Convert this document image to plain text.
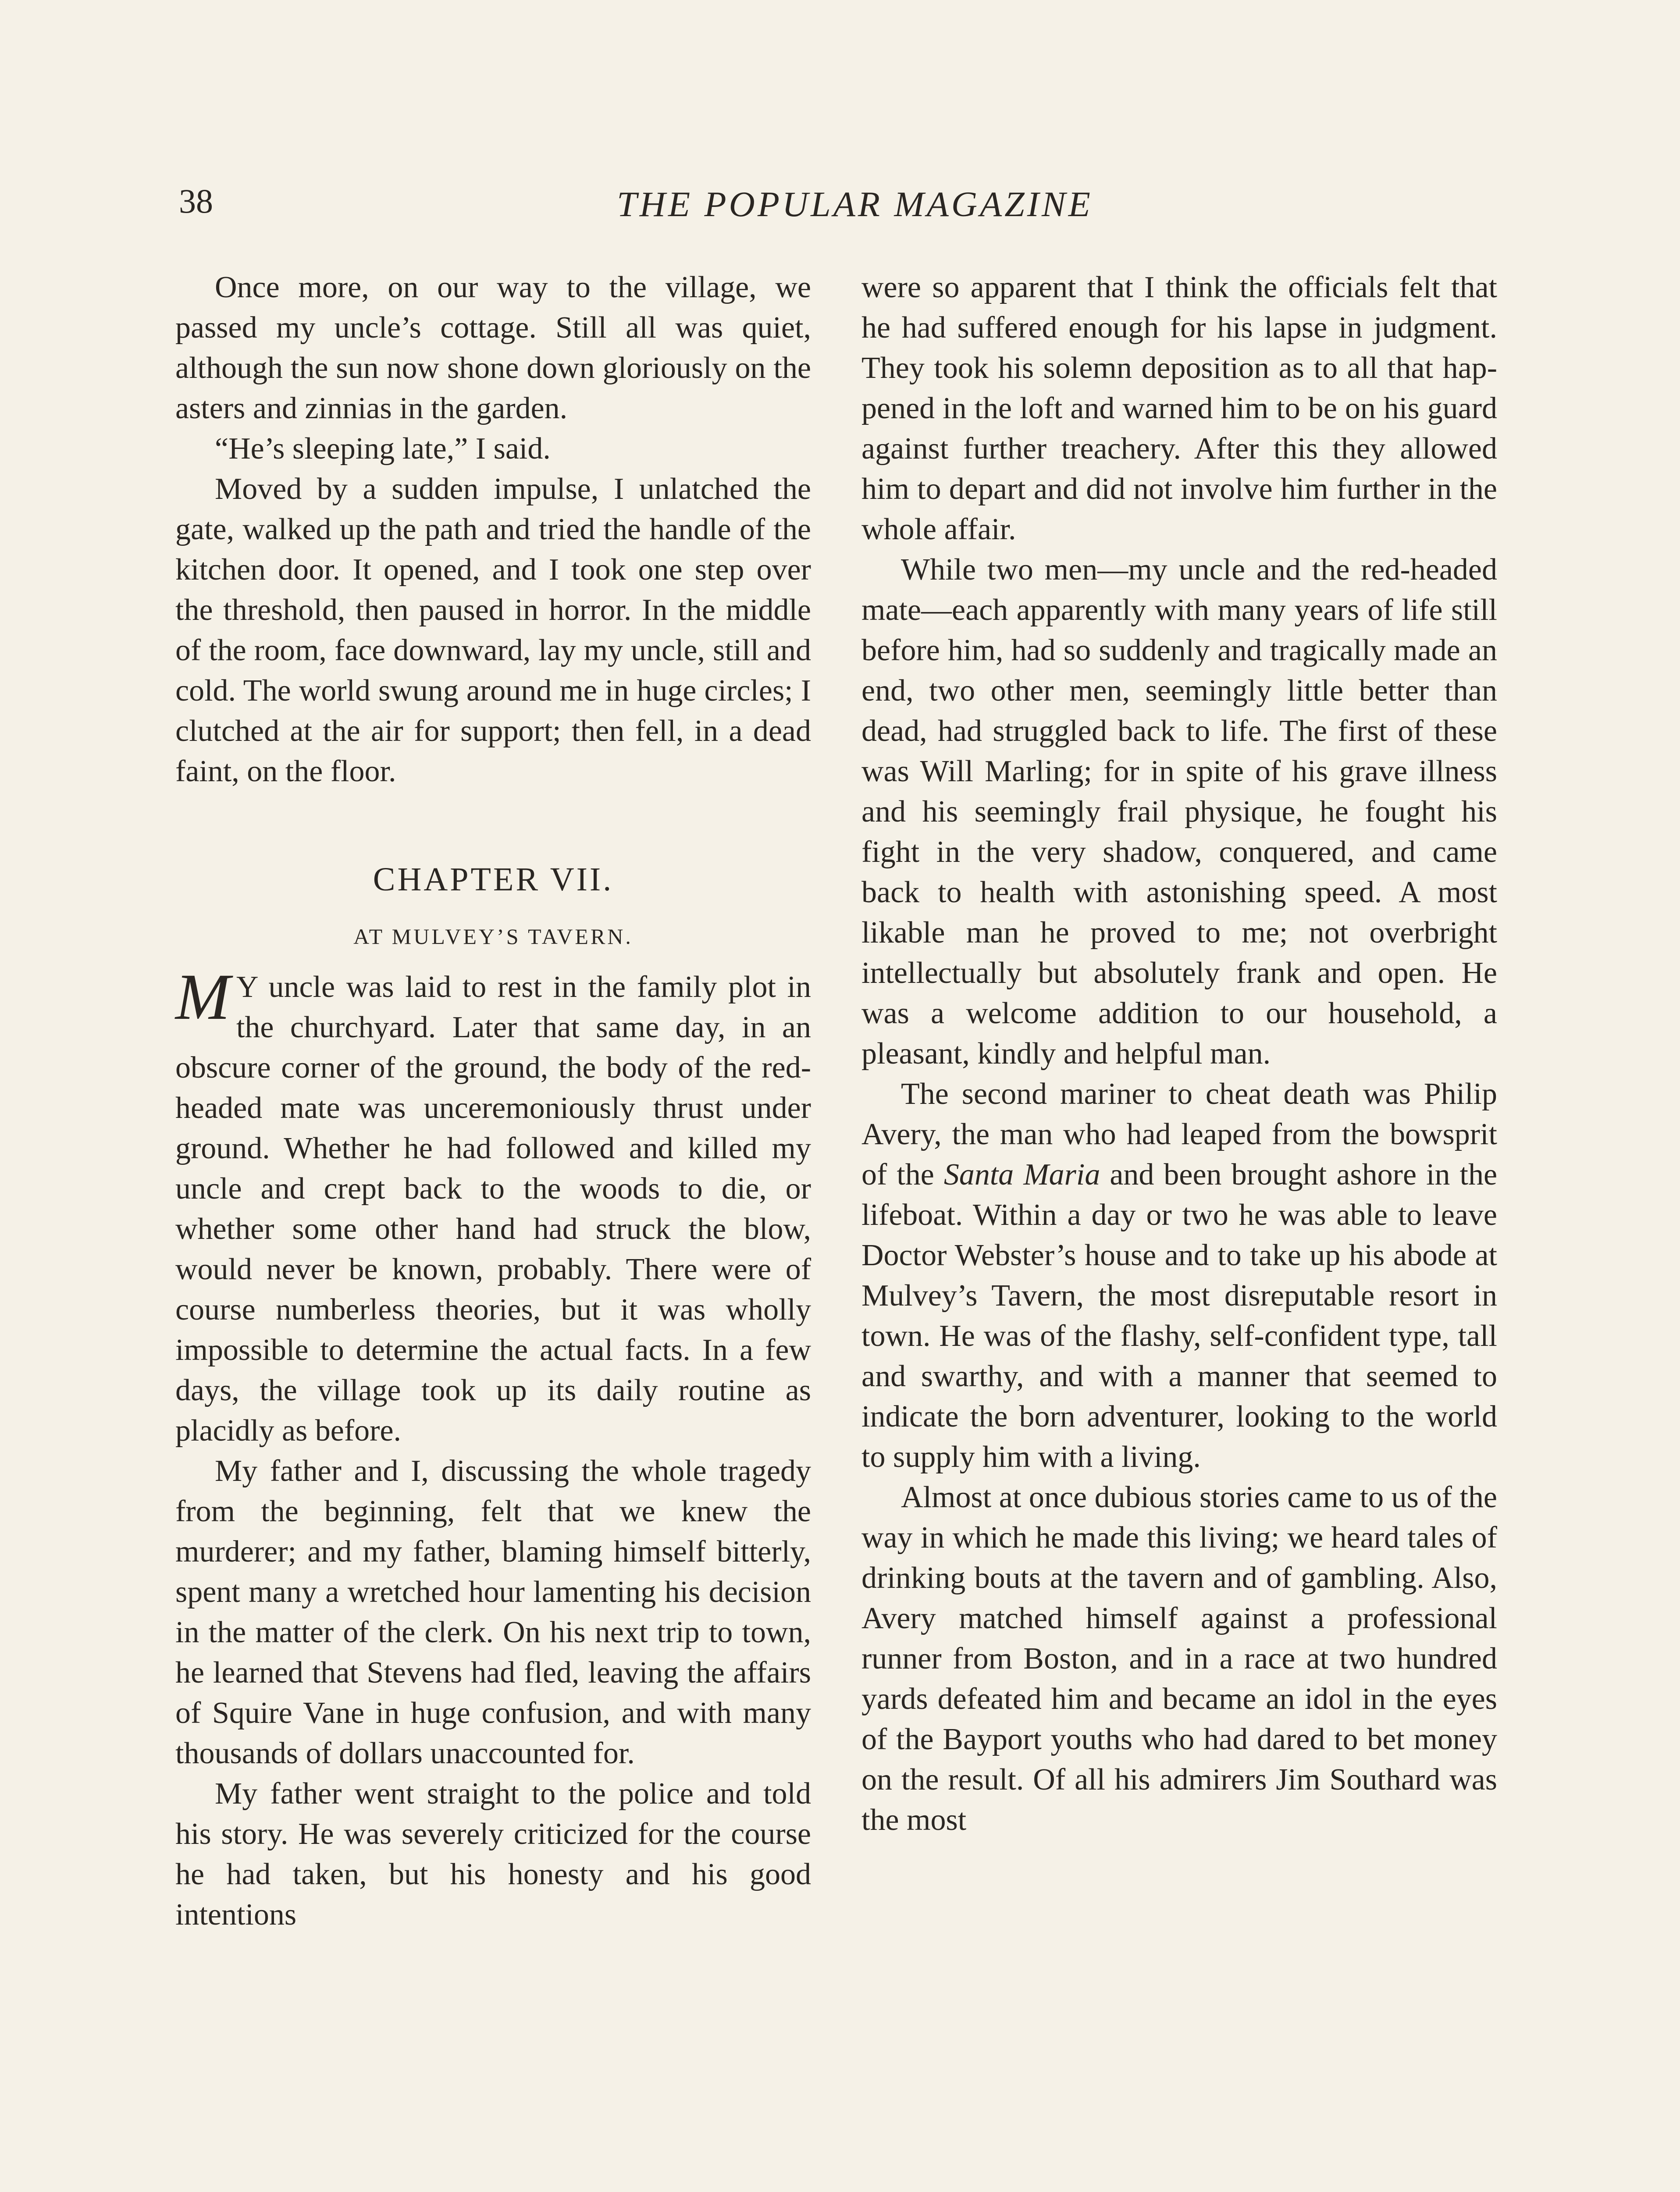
38	THE POPULAR MAGAZINE

Once more, on our way to the village, we passed my uncle’s cottage. Still all was quiet, although the sun now shone down gloriously on the asters and zinnias in the garden.

“He’s sleeping late,” I said.

Moved by a sudden impulse, I unlatched the gate, walked up the path and tried the handle of the kitchen door. It opened, and I took one step over the threshold, then paused in horror. In the middle of the room, face downward, lay my uncle, still and cold. The world swung around me in huge circles; I clutched at the air for support; then fell, in a dead faint, on the floor.

CHAPTER VII.
AT MULVEY’S TAVERN.

M Y uncle was laid to rest in the family plot in the churchyard. Later that same day, in an obscure corner of the ground, the body of the red-headed mate was unceremoniously thrust under ground. Whether he had followed and killed my uncle and crept back to the woods to die, or whether some other hand had struck the blow, would never be known, probably. There were of course numberless theories, but it was wholly impossible to determine the actual facts. In a few days, the village took up its daily routine as placidly as before.

My father and I, discussing the whole tragedy from the beginning, felt that we knew the murderer; and my father, blaming himself bitterly, spent many a wretched hour lamenting his decision in the matter of the clerk. On his next trip to town, he learned that Stevens had fled, leaving the affairs of Squire Vane in huge confusion, and with many thousands of dollars unaccounted for.

My father went straight to the police and told his story. He was severely criticized for the course he had taken, but his honesty and his good intentions

were so apparent that I think the officials felt that he had suffered enough for his lapse in judgment. They took his solemn deposition as to all that happened in the loft and warned him to be on his guard against further treachery. After this they allowed him to depart and did not involve him further in the whole affair.

While two men—my uncle and the red-headed mate—each apparently with many years of life still before him, had so suddenly and tragically made an end, two other men, seemingly little better than dead, had struggled back to life. The first of these was Will Marling; for in spite of his grave illness and his seemingly frail physique, he fought his fight in the very shadow, conquered, and came back to health with astonishing speed. A most likable man he proved to me; not overbright intellectually but absolutely frank and open. He was a welcome addition to our household, a pleasant, kindly and helpful man.

The second mariner to cheat death was Philip Avery, the man who had leaped from the bowsprit of the Santa Maria and been brought ashore in the lifeboat. Within a day or two he was able to leave Doctor Webster’s house and to take up his abode at Mulvey’s Tavern, the most disreputable resort in town. He was of the flashy, self-confident type, tall and swarthy, and with a manner that seemed to indicate the born adventurer, looking to the world to supply him with a living.

Almost at once dubious stories came to us of the way in which he made this living; we heard tales of drinking bouts at the tavern and of gambling. Also, Avery matched himself against a professional runner from Boston, and in a race at two hundred yards defeated him and became an idol in the eyes of the Bayport youths who had dared to bet money on the result. Of all his admirers Jim Southard was the most
